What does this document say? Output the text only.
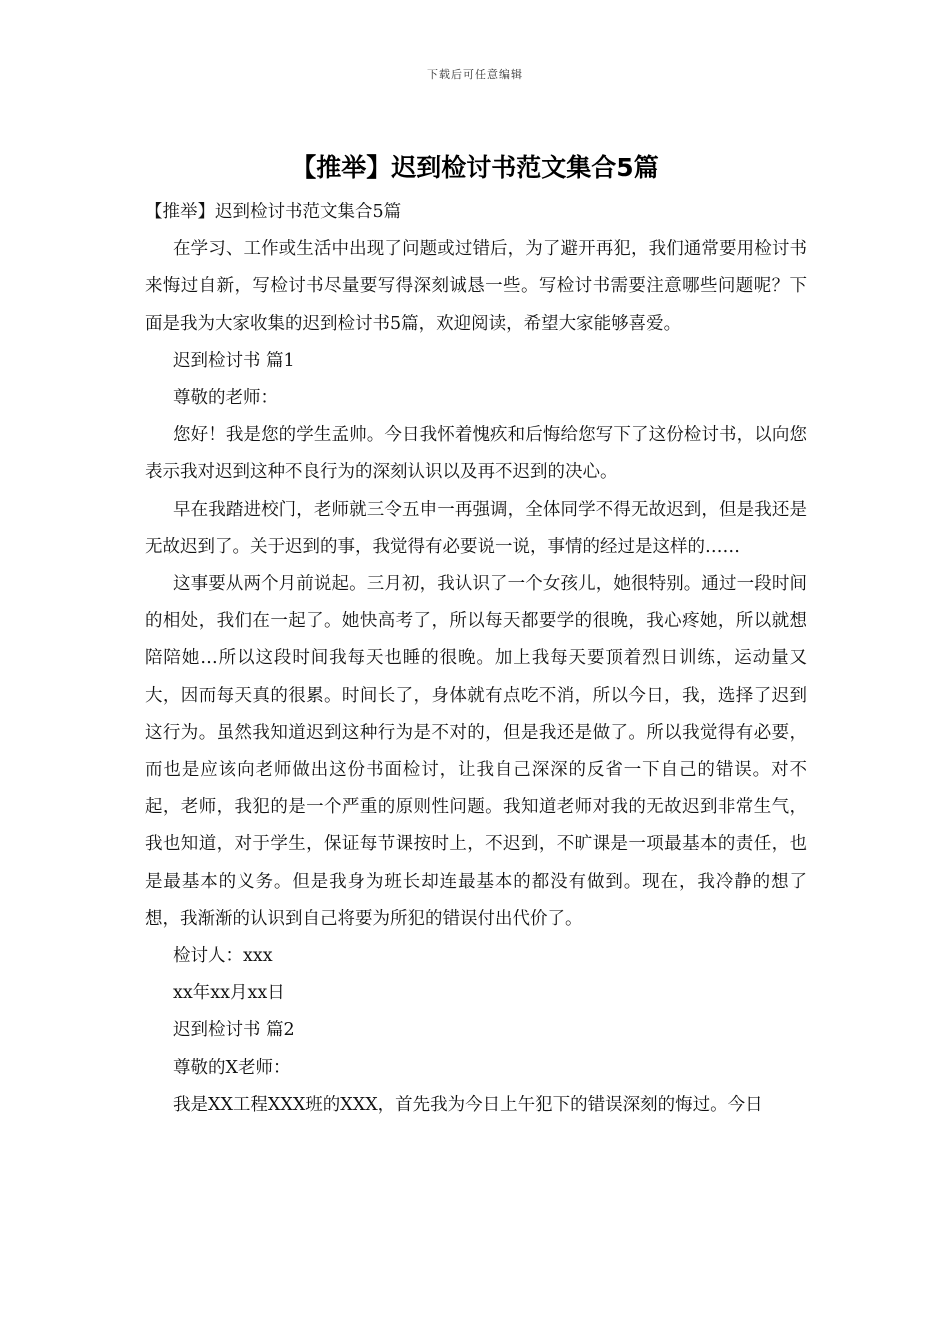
下载后可任意编辑
【推举】迟到检讨书范文集合5篇

【推举】迟到检讨书范文集合5篇

在学习、工作或生活中出现了问题或过错后，为了避开再犯，我们通常要用检讨书来悔过自新，写检讨书尽量要写得深刻诚恳一些。写检讨书需要注意哪些问题呢？下面是我为大家收集的迟到检讨书5篇，欢迎阅读，希望大家能够喜爱。

迟到检讨书 篇1

尊敬的老师：

您好！我是您的学生孟帅。今日我怀着愧疚和后悔给您写下了这份检讨书，以向您表示我对迟到这种不良行为的深刻认识以及再不迟到的决心。

早在我踏进校门，老师就三令五申一再强调，全体同学不得无故迟到，但是我还是无故迟到了。关于迟到的事，我觉得有必要说一说，事情的经过是这样的……

这事要从两个月前说起。三月初，我认识了一个女孩儿，她很特别。通过一段时间的相处，我们在一起了。她快高考了，所以每天都要学的很晚，我心疼她，所以就想陪陪她…所以这段时间我每天也睡的很晚。加上我每天要顶着烈日训练，运动量又大，因而每天真的很累。时间长了，身体就有点吃不消，所以今日，我，选择了迟到这行为。虽然我知道迟到这种行为是不对的，但是我还是做了。所以我觉得有必要，而也是应该向老师做出这份书面检讨，让我自己深深的反省一下自己的错误。对不起，老师，我犯的是一个严重的原则性问题。我知道老师对我的无故迟到非常生气，我也知道，对于学生，保证每节课按时上，不迟到，不旷课是一项最基本的责任，也是最基本的义务。但是我身为班长却连最基本的都没有做到。现在，我冷静的想了想，我渐渐的认识到自己将要为所犯的错误付出代价了。

检讨人：xxx

xx年xx月xx日

迟到检讨书 篇2

尊敬的X老师：

我是XX工程XXX班的XXX，首先我为今日上午犯下的错误深刻的悔过。今日
